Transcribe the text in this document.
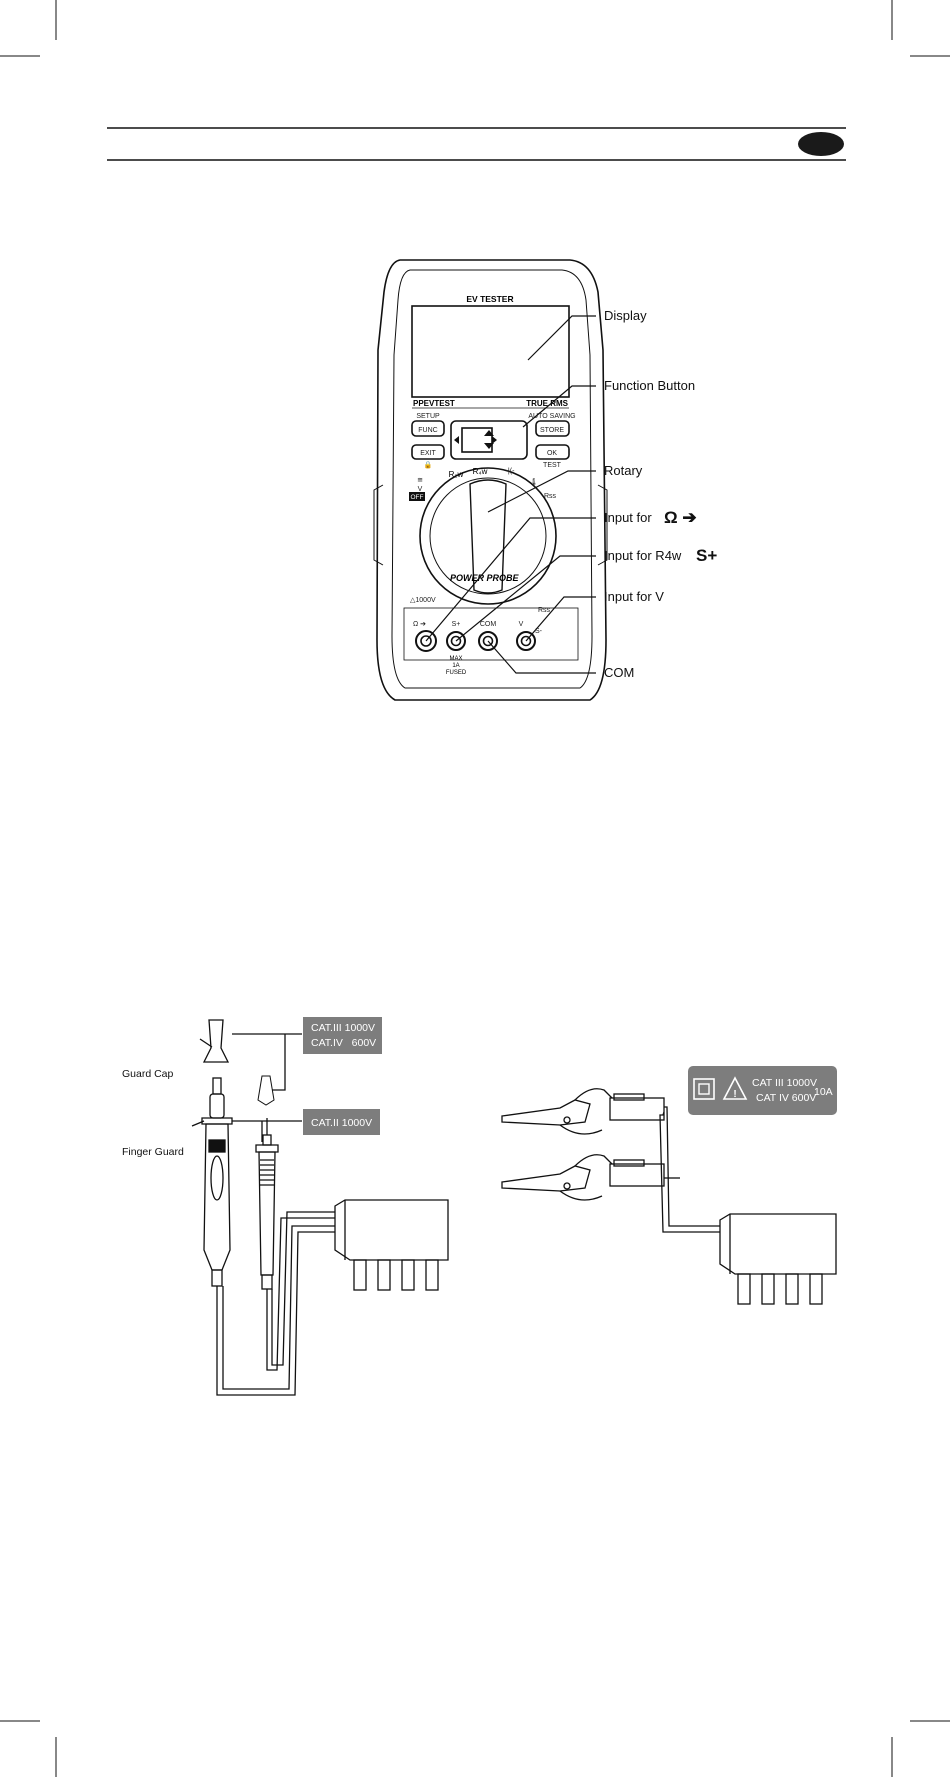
EV TESTER
PPEVTEST	TRUE RMS
SETUP
FUNC
AUTO SAVING
STORE
EXIT	OK
TEST
🔒
OFF
≅
V
R₂w R₄w	-|(-
🌡
Rss
POWER PROBE
△1000V
Rss
Ω ➔	S+	COM	V
S-
MAX
1A
FUSED
Display
Function Button
Rotary
Input for Ω ➔
Input for R4w S+
Input for V
COM
CAT.III 1000V
CAT.IV   600V
CAT.II 1000V
Guard Cap
Finger Guard
!
CAT III 1000V
CAT IV 600V
10A
